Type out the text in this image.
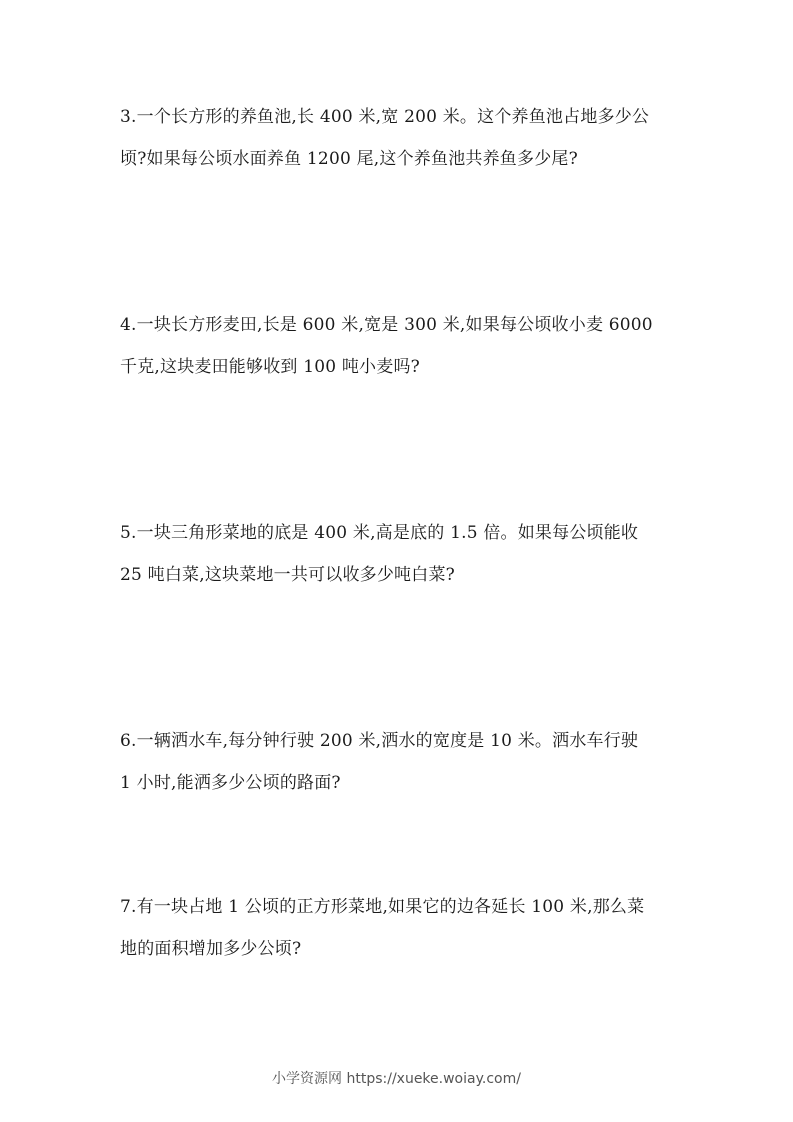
3.一个长方形的养鱼池,长 400 米,宽 200 米。这个养鱼池占地多少公
顷?如果每公顷水面养鱼 1200 尾,这个养鱼池共养鱼多少尾?
4.一块长方形麦田,长是 600 米,宽是 300 米,如果每公顷收小麦 6000
千克,这块麦田能够收到 100 吨小麦吗?
5.一块三角形菜地的底是 400 米,高是底的 1.5 倍。如果每公顷能收
25 吨白菜,这块菜地一共可以收多少吨白菜?
6.一辆洒水车,每分钟行驶 200 米,洒水的宽度是 10 米。洒水车行驶
1 小时,能洒多少公顷的路面?
7.有一块占地 1 公顷的正方形菜地,如果它的边各延长 100 米,那么菜
地的面积增加多少公顷?
小学资源网 https://xueke.woiay.com/
